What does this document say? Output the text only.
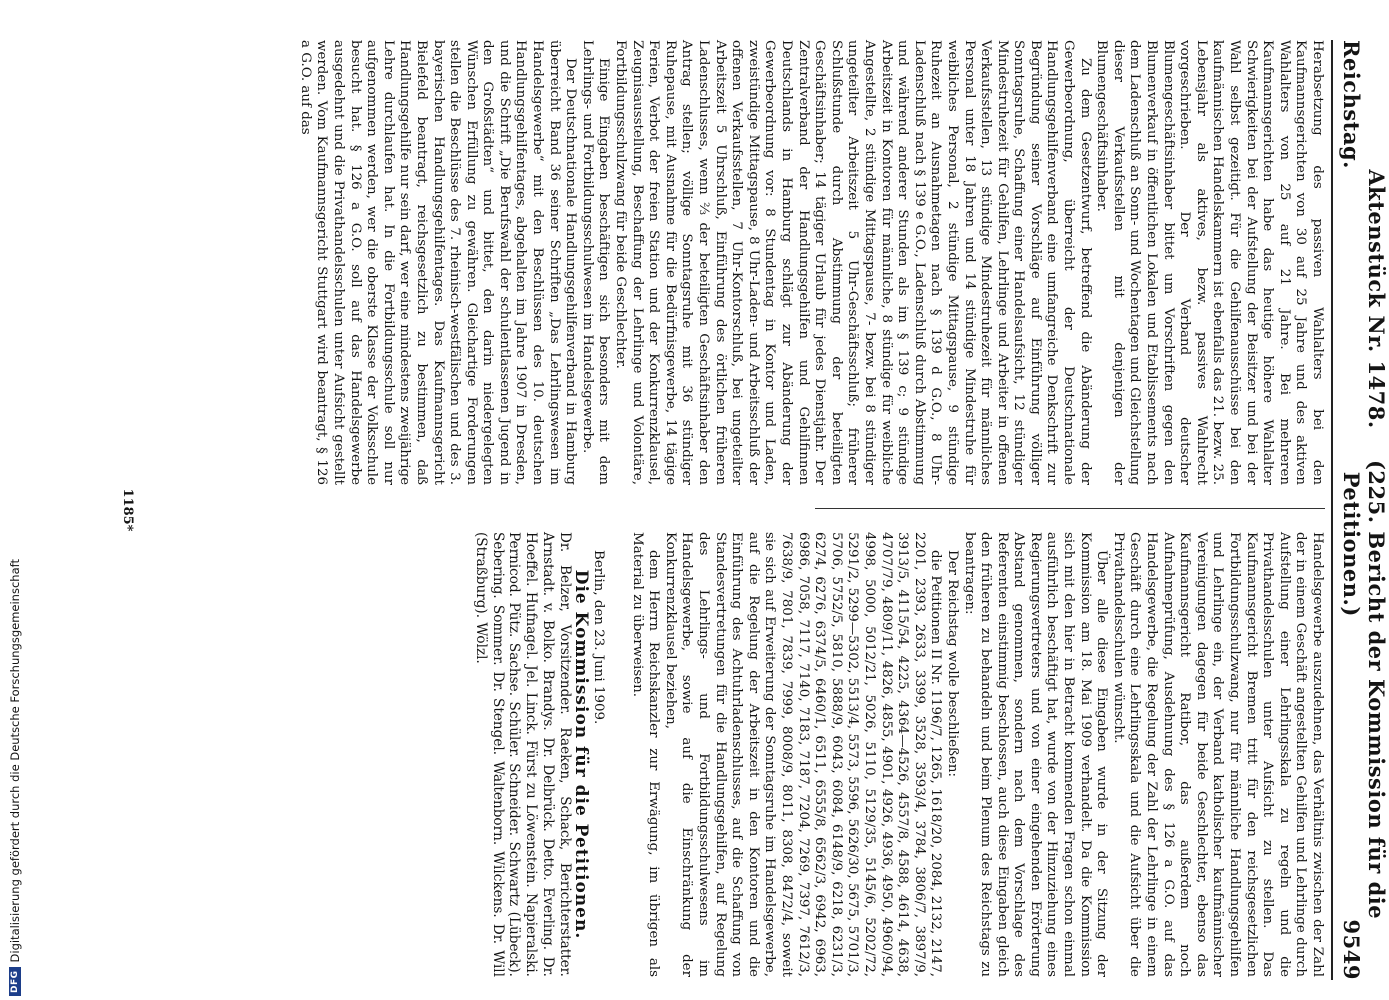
Reichstag.
Aktenstück Nr. 1478.    (225. Bericht der Kommission für die Petitionen.)
9549

Herabsetzung des passiven Wahlalters bei den Kaufmannsgerichten von 30 auf 25 Jahre und des aktiven Wahlalters von 25 auf 21 Jahre. Bei mehreren Kaufmannsgerichten habe das heutige höhere Wahlalter Schwierigkeiten bei der Aufstellung der Beisitzer und bei der Wahl selbst gezeitigt. Für die Gehilfenausschüsse bei den kaufmännischen Handelskammern ist ebenfalls das 21. bezw. 25. Lebensjahr als aktives, bezw. passives Wahlrecht vorgeschrieben. Der Verband deutscher Blumengeschäftsinhaber bittet um Vorschriften gegen den Blumenverkauf in öffentlichen Lokalen und Etablissements nach dem Ladenschluß an Sonn- und Wochentagen und Gleichstellung dieser Verkaufsstellen mit denjenigen der Blumengeschäftsinhaber.

Zu dem Gesetzentwurf, betreffend die Abänderung der Gewerbeordnung, überreicht der Deutschnationale Handlungsgehilfenverband eine umfangreiche Denkschrift zur Begründung seiner Vorschläge auf Einführung völliger Sonntagsruhe, Schaffung einer Handelsaufsicht, 12 stündiger Mindestruhezeit für Gehilfen, Lehrlinge und Arbeiter in offenen Verkaufsstellen, 13 stündige Mindestruhezeit für männliches Personal unter 18 Jahren und 14 stündige Mindestruhe für weibliches Personal, 2 stündige Mittagspause, 9 stündige Ruhezeit an Ausnahmetagen nach § 139 d G.O., 8 Uhr-Ladenschluß nach § 139 e G.O., Ladenschluß durch Abstimmung und während anderer Stunden als im § 139 c; 9 stündige Arbeitszeit in Kontoren für männliche, 8 stündige für weibliche Angestellte, 2 stündige Mittagspause, 7- bezw. bei 8 stündiger ungeteilter Arbeitszeit 5 Uhr-Geschäftsschluß; früherer Schlußstunde durch Abstimmung der beteiligten Geschäftsinhaber; 14 tägiger Urlaub für jedes Dienstjahr. Der Zentralverband der Handlungsgehilfen und Gehilfinnen Deutschlands in Hamburg schlägt zur Abänderung der Gewerbeordnung vor: 8 Stundentag in Kontor und Laden, zweistündige Mittagspause, 8 Uhr-Laden- und Arbeitsschluß der offenen Verkaufsstellen, 7 Uhr-Kontorschluß, bei ungeteilter Arbeitszeit 5 Uhrschluß, Einführung des örtlichen früheren Ladenschlusses, wenn ⅔ der beteiligten Geschäftsinhaber den Antrag stellen; völlige Sonntagsruhe mit 36 stündiger Ruhepause, mit Ausnahme für die Bedürfnisgewerbe, 14 tägige Ferien, Verbot der freien Station und der Konkurrenzklausel, Zeugnisausstellung, Beschaffung der Lehrlinge und Volontäre, Fortbildungsschulzwang für beide Geschlechter.

Einige Eingaben beschäftigen sich besonders mit dem Lehrlings- und Fortbildungsschulwesen im Handelsgewerbe.

Der Deutschnationale Handlungsgehilfenverband in Hamburg überreicht Band 36 seiner Schriften „Das Lehrlingswesen im Handelsgewerbe“ mit den Beschlüssen des 10. deutschen Handlungsgehilfentages, abgehalten im Jahre 1907 in Dresden, und die Schrift „Die Berufswahl der schulentlassenen Jugend in den Großstädten“ und bittet, den darin niedergelegten Wünschen Erfüllung zu gewähren. Gleichartige Forderungen stellen die Beschlüsse des 7. rheinisch-westfälischen und des 3. bayerischen Handlungsgehilfentages. Das Kaufmannsgericht Bielefeld beantragt, reichsgesetzlich zu bestimmen, daß Handlungsgehilfe nur sein darf, wer eine mindestens zweijährige Lehre durchlaufen hat. In die Fortbildungsschule soll nur aufgenommen werden, wer die oberste Klasse der Volksschule besucht hat. § 126 a G.O. soll auf das Handelsgewerbe ausgedehnt und die Privathandelsschulen unter Aufsicht gestellt werden. Vom Kaufmannsgericht Stuttgart wird beantragt, § 126 a G.O. auf das

Handelsgewerbe auszudehnen, das Verhältnis zwischen der Zahl der in einem Geschäft angestellten Gehilfen und Lehrlinge durch Aufstellung einer Lehrlingsskala zu regeln und die Privathandelsschulen unter Aufsicht zu stellen. Das Kaufmannsgericht Bremen tritt für den reichsgesetzlichen Fortbildungsschulzwang, nur für männliche Handlungsgehilfen und Lehrlinge ein, der Verband katholischer kaufmännischer Vereinigungen dagegen für beide Geschlechter, ebenso das Kaufmannsgericht Ratibor, das außerdem noch Aufnahmeprüfung, Ausdehnung des § 126 a G.O. auf das Handelsgewerbe, die Regelung der Zahl der Lehrlinge in einem Geschäft durch eine Lehrlingsskala und die Aufsicht über die Privathandelsschulen wünscht.

Über alle diese Eingaben wurde in der Sitzung der Kommission am 18. Mai 1909 verhandelt. Da die Kommission sich mit den hier in Betracht kommenden Fragen schon einmal ausführlich beschäftigt hat, wurde von der Hinzuziehung eines Regierungsvertreters und von einer eingehenden Erörterung Abstand genommen, sondern nach dem Vorschlage des Referenten einstimmig beschlossen, auch diese Eingaben gleich den früheren zu behandeln und beim Plenum des Reichstags zu beantragen:

Der Reichstag wolle beschließen:

die Petitionen II Nr. 1196/7, 1265, 1618/20, 2084, 2132, 2147, 2201, 2393, 2633, 3399, 3528, 3593/4, 3784, 3806/7, 3897/9, 3913/5, 4115/54, 4225, 4364—4526, 4557/8, 4588, 4614, 4638, 4707/79, 4809/11, 4826, 4855, 4901, 4926, 4936, 4950, 4960/94, 4998, 5000, 5012/21, 5026, 5110, 5129/35, 5145/6, 5202/72, 5291/2, 5299—5302, 5513/4, 5573, 5596, 5626/30, 5675, 5701/3, 5706, 5752/5, 5810, 5888/9, 6043, 6084, 6148/9, 6218, 6231/3, 6274, 6276, 6374/5, 6460/1, 6511, 6555/8, 6562/3, 6942, 6963, 6986, 7058, 7117, 7140, 7183, 7187, 7204, 7269, 7397, 7612/3, 7638/9, 7801, 7839, 7999, 8008/9, 8011, 8308, 8472/4, soweit sie sich auf Erweiterung der Sonntagsruhe im Handelsgewerbe, auf die Regelung der Arbeitszeit in den Kontoren und die Einführung des Achtuhrladenschlusses, auf die Schaffung von Standesvertretungen für die Handlungsgehilfen, auf Regelung des Lehrlings- und Fortbildungsschulwesens im Handelsgewerbe, sowie auf die Einschränkung der Konkurrenzklausel beziehen,

dem Herrn Reichskanzler zur Erwägung, im übrigen als Material zu überweisen.

Berlin, den 23. Juni 1909.

Die Kommission für die Petitionen.

Dr. Belzer, Vorsitzender. Raeken, Schack, Berichterstatter. Arnstadt. v. Bolko. Brandys. Dr. Delbrück. Detto. Everling. Dr. Hoeffel. Hufnagel. Jel. Linck. Fürst zu Löwenstein. Napieralski. Pernicod. Pütz. Sachse. Schüler. Schneider. Schwartz (Lübeck). Sebering. Sommer. Dr. Stengel. Waltenborn. Wilckens. Dr. Will (Straßburg). Wölzl.

1185*
DFG
Digitalisierung gefördert durch die Deutsche Forschungsgemeinschaft
